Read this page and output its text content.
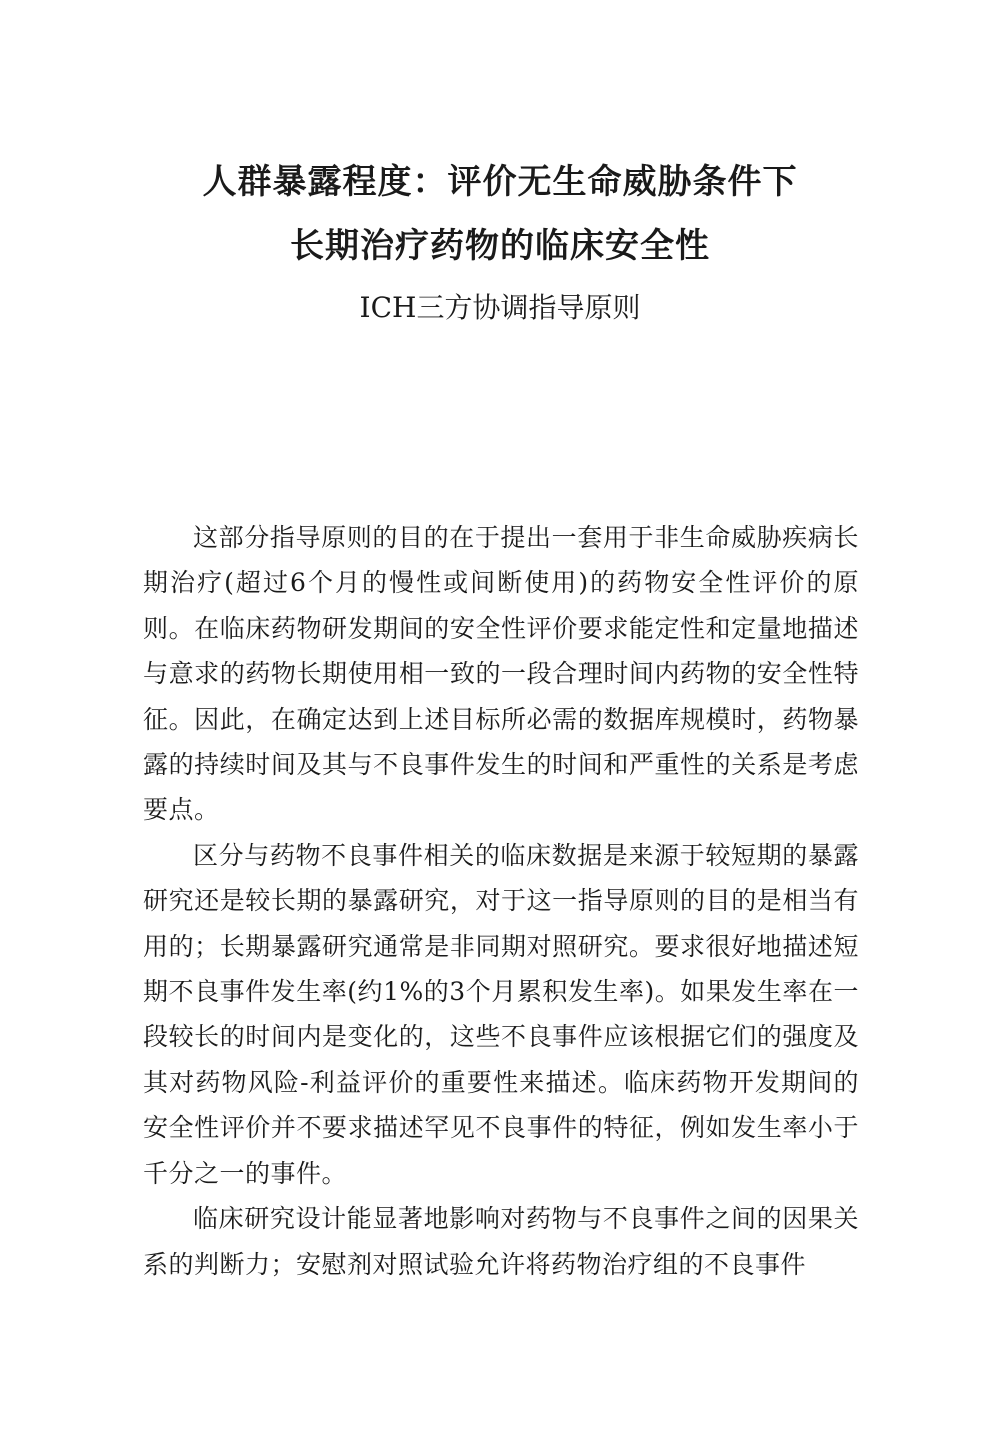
人群暴露程度：评价无生命威胁条件下
长期治疗药物的临床安全性
ICH三方协调指导原则

这部分指导原则的目的在于提出一套用于非生命威胁疾病长期治疗(超过6个月的慢性或间断使用)的药物安全性评价的原则。在临床药物研发期间的安全性评价要求能定性和定量地描述与意求的药物长期使用相一致的一段合理时间内药物的安全性特征。因此，在确定达到上述目标所必需的数据库规模时，药物暴露的持续时间及其与不良事件发生的时间和严重性的关系是考虑要点。

区分与药物不良事件相关的临床数据是来源于较短期的暴露研究还是较长期的暴露研究，对于这一指导原则的目的是相当有用的；长期暴露研究通常是非同期对照研究。要求很好地描述短期不良事件发生率(约1%的3个月累积发生率)。如果发生率在一段较长的时间内是变化的，这些不良事件应该根据它们的强度及其对药物风险-利益评价的重要性来描述。临床药物开发期间的安全性评价并不要求描述罕见不良事件的特征，例如发生率小于千分之一的事件。

临床研究设计能显著地影响对药物与不良事件之间的因果关系的判断力；安慰剂对照试验允许将药物治疗组的不良事件
